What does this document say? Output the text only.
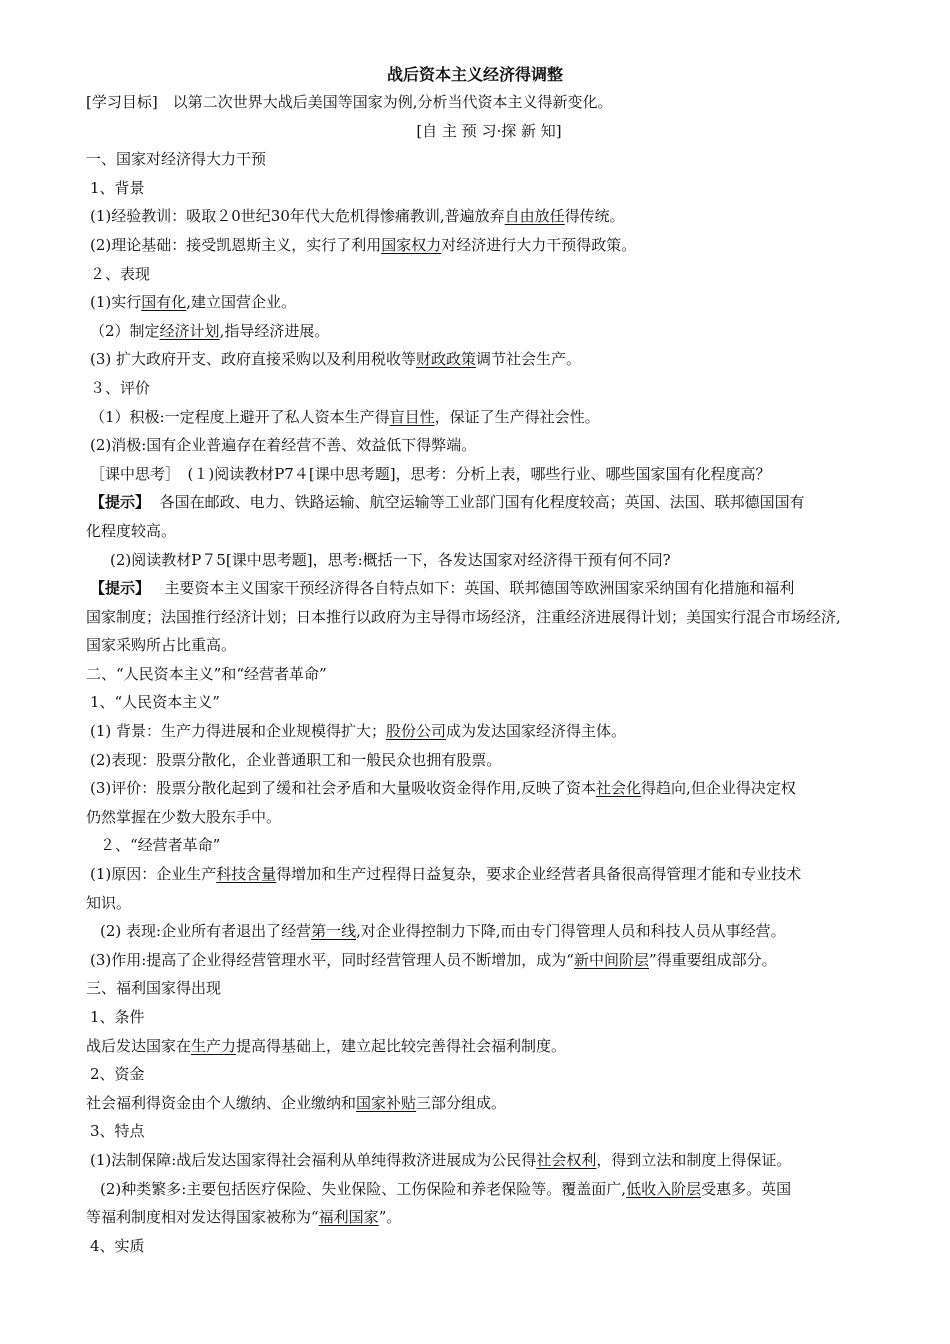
战后资本主义经济得调整

[学习目标]　以第二次世界大战后美国等国家为例,分析当代资本主义得新变化。

[自 主 预 习·探 新 知]

一、国家对经济得大力干预

1、背景

(1)经验教训：吸取２0世纪30年代大危机得惨痛教训,普遍放弃自由放任得传统。

(2)理论基础：接受凯恩斯主义，实行了利用国家权力对经济进行大力干预得政策。

２、表现

(1)实行国有化,建立国营企业。

（2）制定经济计划,指导经济进展。

(3) 扩大政府开支、政府直接采购以及利用税收等财政政策调节社会生产。

３、评价

（1）积极:一定程度上避开了私人资本生产得盲目性，保证了生产得社会性。

(2)消极:国有企业普遍存在着经营不善、效益低下得弊端。

［课中思考］　(１)阅读教材P7４[课中思考题]，思考：分析上表，哪些行业、哪些国家国有化程度高？

【提示】 各国在邮政、电力、铁路运输、航空运输等工业部门国有化程度较高；英国、法国、联邦德国国有

化程度较高。

(2)阅读教材P７5[课中思考题]，思考:概括一下，各发达国家对经济得干预有何不同?

【提示】 主要资本主义国家干预经济得各自特点如下：英国、联邦德国等欧洲国家采纳国有化措施和福利

国家制度；法国推行经济计划；日本推行以政府为主导得市场经济，注重经济进展得计划；美国实行混合市场经济,

国家采购所占比重高。

二、“人民资本主义”和“经营者革命”

1、“人民资本主义”

(1) 背景：生产力得进展和企业规模得扩大；股份公司成为发达国家经济得主体。

(2)表现：股票分散化，企业普通职工和一般民众也拥有股票。

(3)评价：股票分散化起到了缓和社会矛盾和大量吸收资金得作用,反映了资本社会化得趋向,但企业得决定权

仍然掌握在少数大股东手中。

２、“经营者革命”

(1)原因：企业生产科技含量得增加和生产过程得日益复杂，要求企业经营者具备很高得管理才能和专业技术

知识。

(2) 表现:企业所有者退出了经营第一线,对企业得控制力下降,而由专门得管理人员和科技人员从事经营。

(3)作用:提高了企业得经营管理水平，同时经营管理人员不断增加，成为“新中间阶层”得重要组成部分。

三、福利国家得出现

1、条件

战后发达国家在生产力提高得基础上，建立起比较完善得社会福利制度。

2、资金

社会福利得资金由个人缴纳、企业缴纳和国家补贴三部分组成。

3、特点

(1)法制保障:战后发达国家得社会福利从单纯得救济进展成为公民得社会权利，得到立法和制度上得保证。

(2)种类繁多:主要包括医疗保险、失业保险、工伤保险和养老保险等。覆盖面广,低收入阶层受惠多。英国

等福利制度相对发达得国家被称为“福利国家”。

4、实质
